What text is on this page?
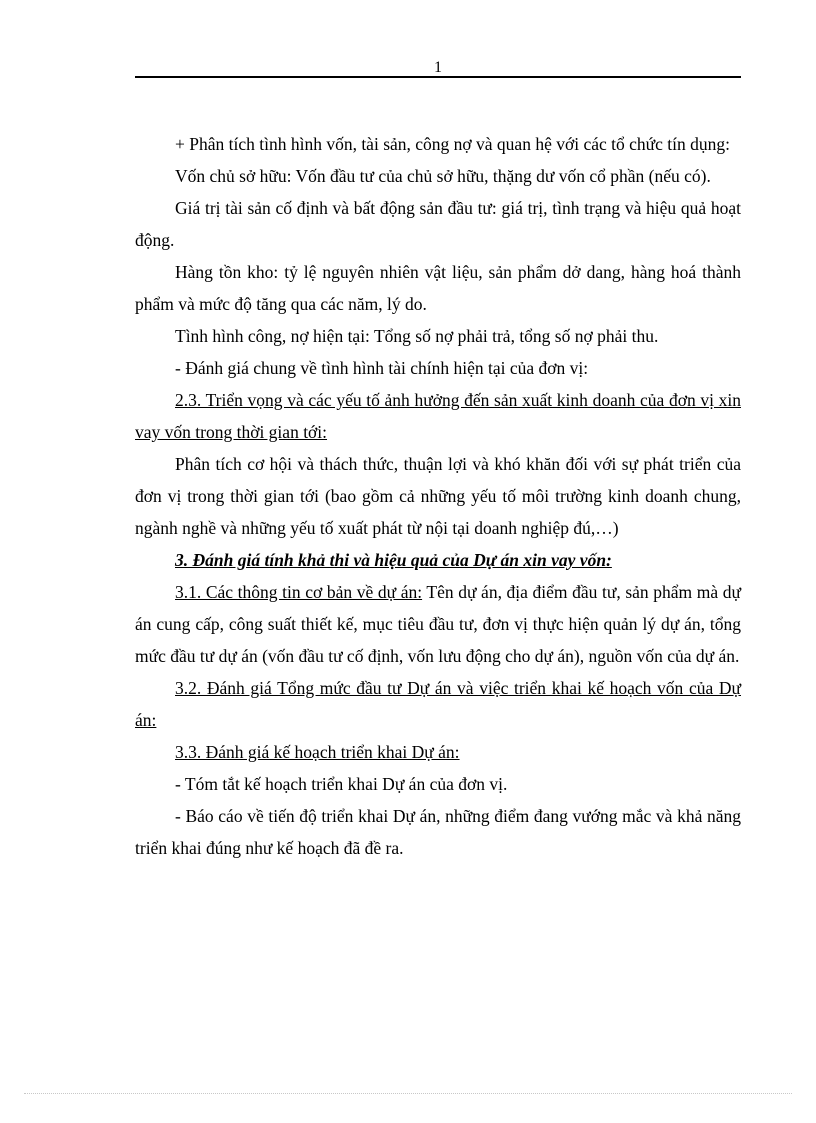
1

+ Phân tích tình hình vốn, tài sản, công nợ và quan hệ với các tổ chức tín dụng:

Vốn chủ sở hữu: Vốn đầu tư của chủ sở hữu, thặng dư vốn cổ phần (nếu có).

Giá trị tài sản cố định và bất động sản đầu tư: giá trị, tình trạng và hiệu quả hoạt động.

Hàng tồn kho: tỷ lệ nguyên nhiên vật liệu, sản phẩm dở dang, hàng hoá thành phẩm và mức độ tăng qua các năm, lý do.

Tình hình công, nợ hiện tại: Tổng số nợ phải trả, tổng số nợ phải thu.

- Đánh giá chung về tình hình tài chính hiện tại của đơn vị:

2.3. Triển vọng và các yếu tố ảnh hưởng đến sản xuất kinh doanh của đơn vị xin vay vốn trong thời gian tới:

Phân tích cơ hội và thách thức, thuận lợi và khó khăn đối với sự phát triển của đơn vị trong thời gian tới (bao gồm cả những yếu tố môi trường kinh doanh chung, ngành nghề và những yếu tố xuất phát từ nội tại doanh nghiệp đú,…)

3. Đánh giá tính khả thi và hiệu quả của Dự án xin vay vốn:

3.1. Các thông tin cơ bản về dự án: Tên dự án, địa điểm đầu tư, sản phẩm mà dự án cung cấp, công suất thiết kế, mục tiêu đầu tư, đơn vị thực hiện quản lý dự án, tổng mức đầu tư dự án (vốn đầu tư cố định, vốn lưu động cho dự án), nguồn vốn của dự án.

3.2. Đánh giá Tổng mức đầu tư Dự án và việc triển khai kế hoạch vốn của Dự án:

3.3. Đánh giá kế hoạch triển khai Dự án:

- Tóm tắt kế hoạch triển khai Dự án của đơn vị.

- Báo cáo về tiến độ triển khai Dự án, những điểm đang vướng mắc và khả năng triển khai đúng như kế hoạch đã đề ra.
